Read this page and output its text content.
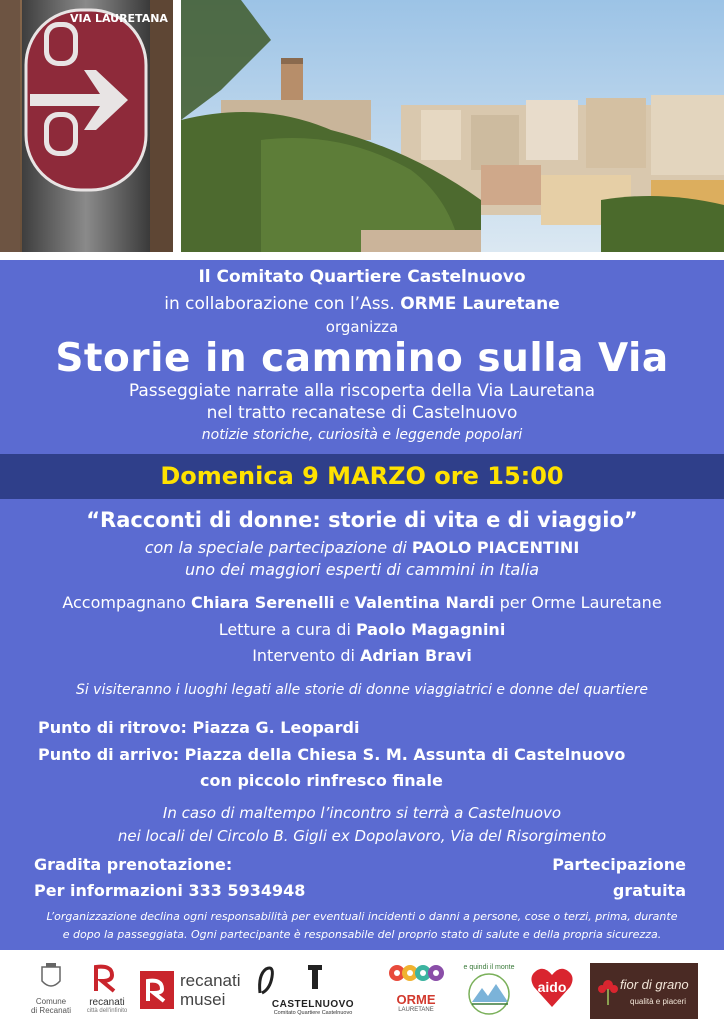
VIA LAURETANA
Il Comitato Quartiere Castelnuovo
in collaborazione con l’Ass. ORME Lauretane
organizza
Storie in cammino sulla Via
Passeggiate narrate alla riscoperta della Via Lauretana
nel tratto recanatese di Castelnuovo
notizie storiche, curiosità e leggende popolari
Domenica 9 MARZO ore 15:00
“Racconti di donne: storie di vita e di viaggio”
con la speciale partecipazione di PAOLO PIACENTINI
uno dei maggiori esperti di cammini in Italia
Accompagnano Chiara Serenelli e Valentina Nardi per Orme Lauretane
Letture a cura di Paolo Magagnini
Intervento di Adrian Bravi
Si visiteranno i luoghi legati alle storie di donne viaggiatrici e donne del quartiere
Punto di ritrovo: Piazza G. Leopardi
Punto di arrivo: Piazza della Chiesa S. M. Assunta di Castelnuovo
con piccolo rinfresco finale
In caso di maltempo l’incontro si terrà a Castelnuovo
nei locali del Circolo B. Gigli ex Dopolavoro, Via del Risorgimento
Gradita prenotazione:
Per informazioni 333 5934948
Partecipazione
gratuita
L’organizzazione declina ogni responsabilità per eventuali incidenti o danni a persone, cose o terzi, prima, durante
e dopo la passeggiata. Ogni partecipante è responsabile del proprio stato di salute e della propria sicurezza.
Comune
di Recanati
recanati
città dell'infinito
recanati
musei	CASTELNUOVO
Comitato Quartiere Castelnuovo
ORME
LAURETANE
e quindi il monte
aido	fior di grano
qualità e piaceri
